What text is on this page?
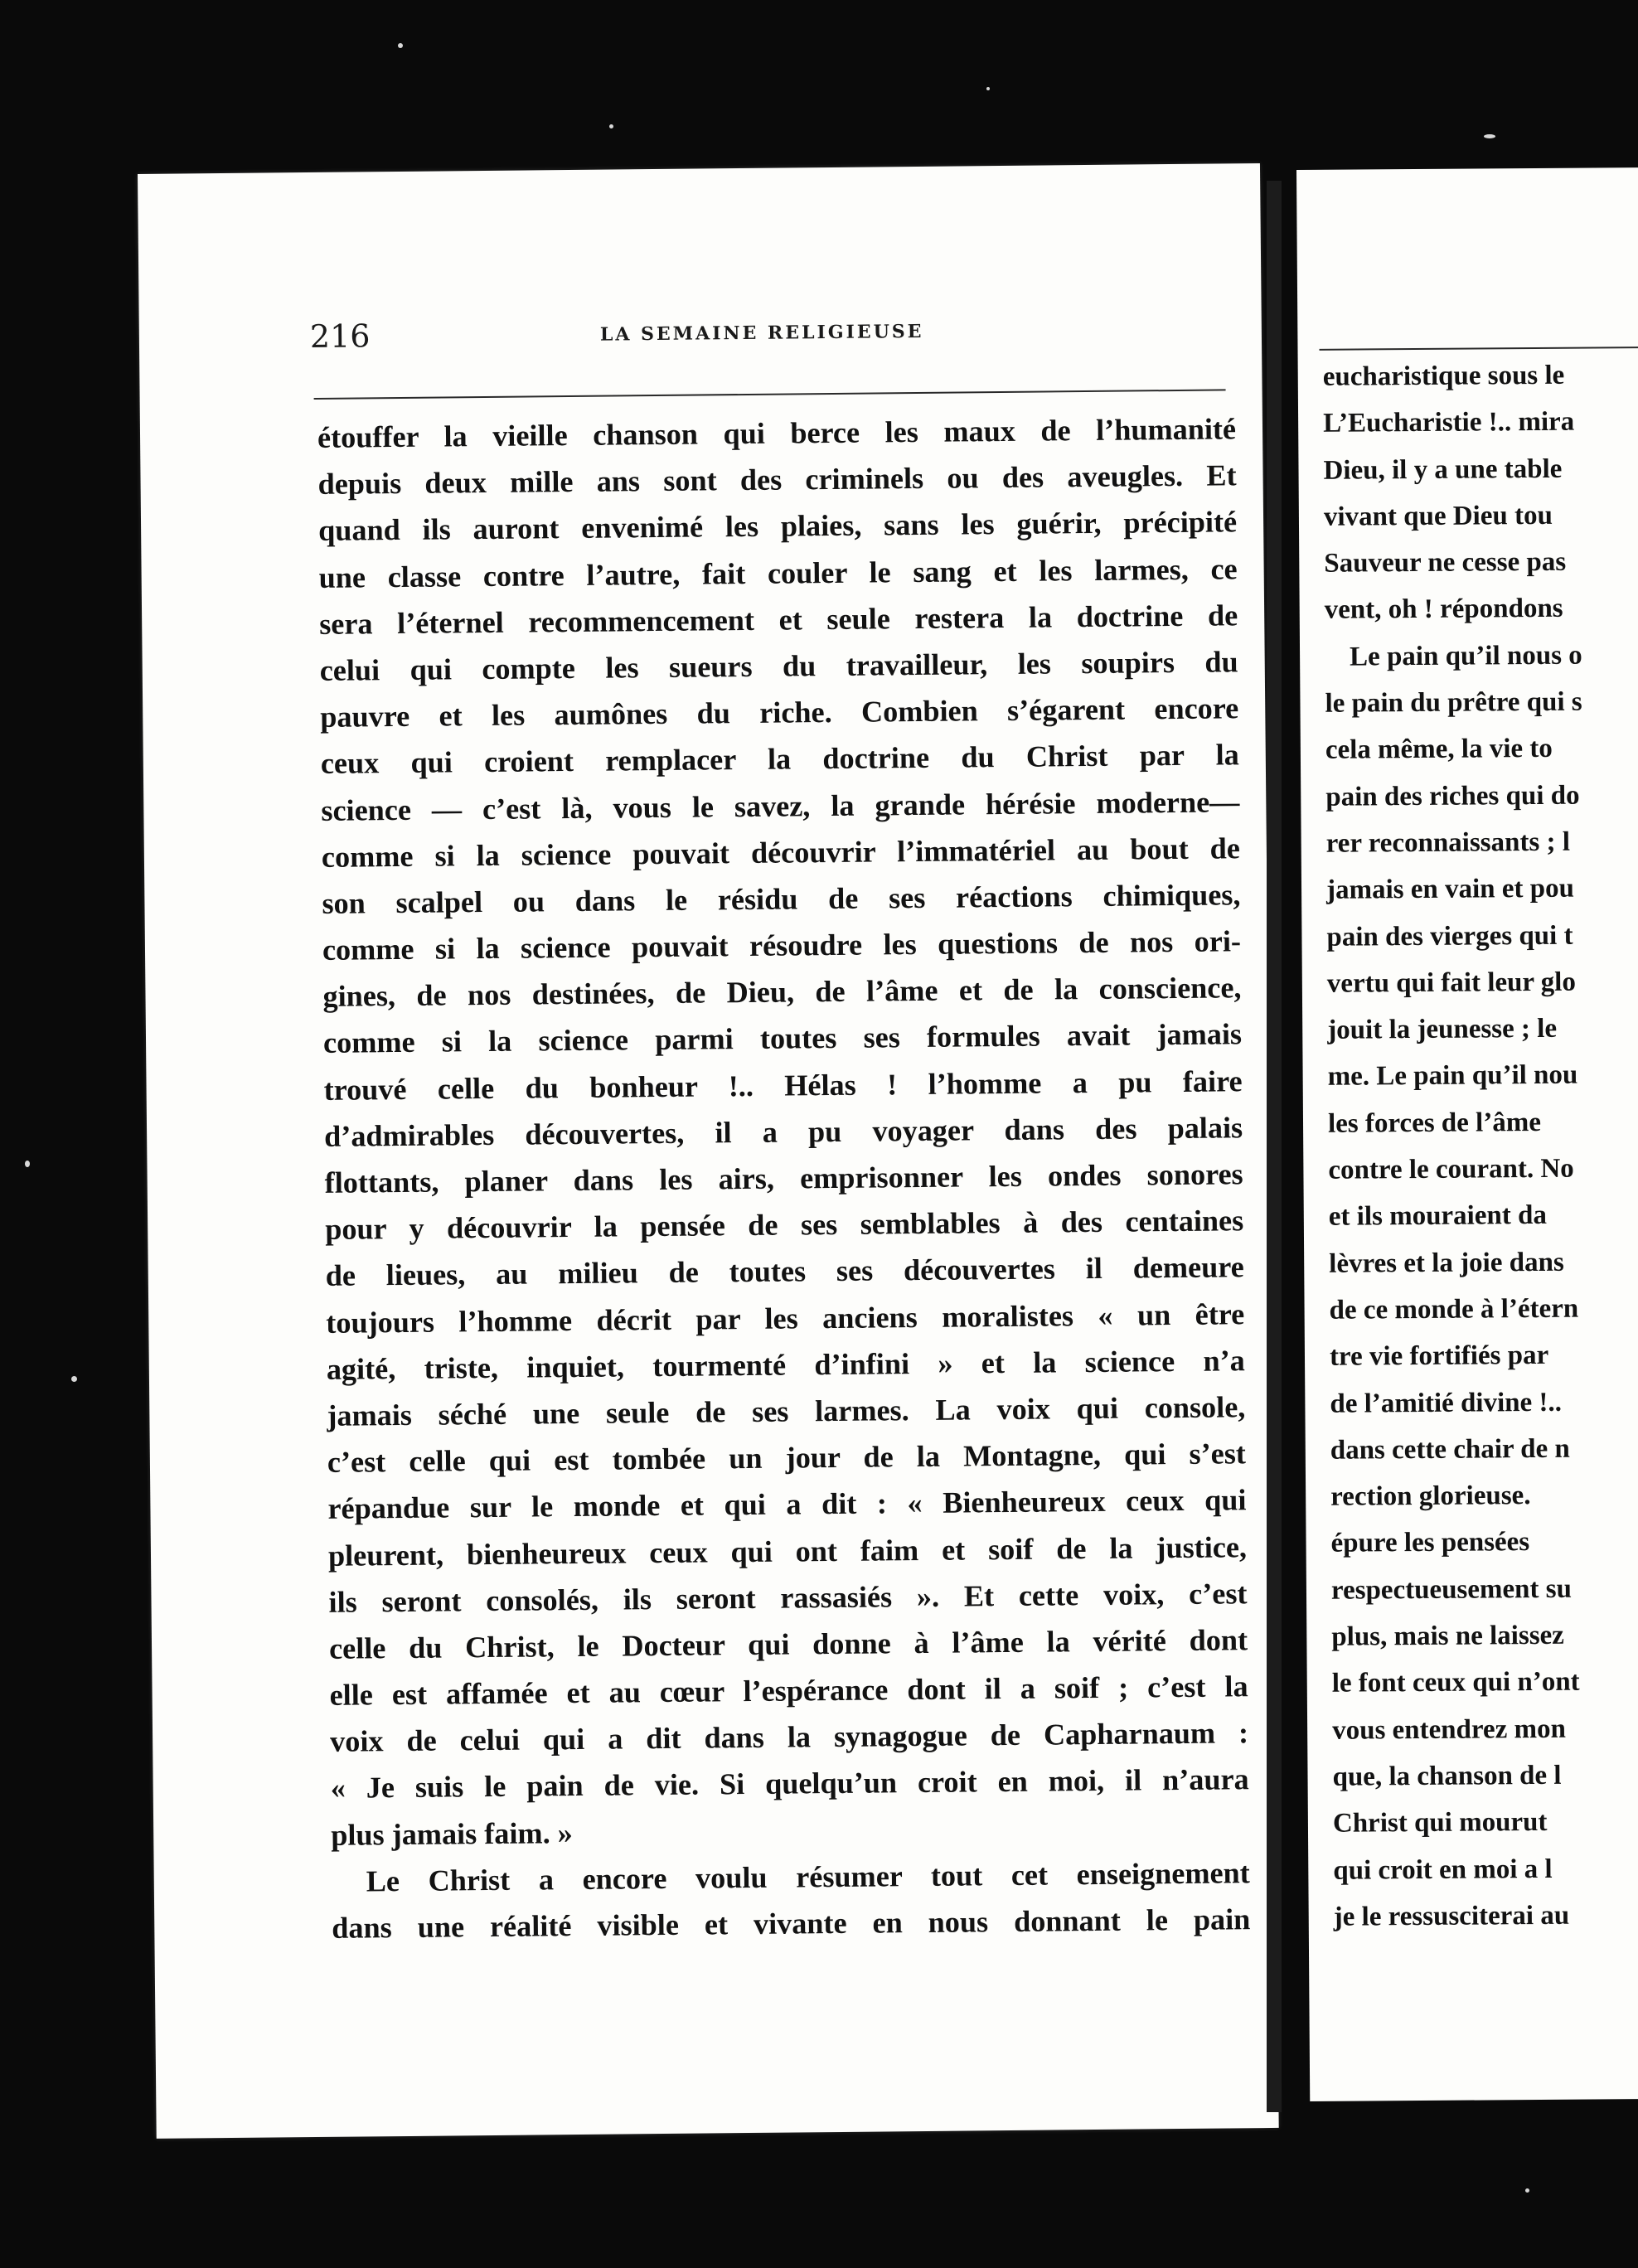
216	LA SEMAINE RELIGIEUSE
étouffer la vieille chanson qui berce les maux de l’humanité
depuis deux mille ans sont des criminels ou des aveugles. Et
quand ils auront envenimé les plaies, sans les guérir, précipité
une classe contre l’autre, fait couler le sang et les larmes, ce
sera l’éternel recommencement et seule restera la doctrine de
celui qui compte les sueurs du travailleur, les soupirs du
pauvre et les aumônes du riche. Combien s’égarent encore
ceux qui croient remplacer la doctrine du Christ par la
science — c’est là, vous le savez, la grande hérésie moderne—
comme si la science pouvait découvrir l’immatériel au bout de
son scalpel ou dans le résidu de ses réactions chimiques,
comme si la science pouvait résoudre les questions de nos ori-
gines, de nos destinées, de Dieu, de l’âme et de la conscience,
comme si la science parmi toutes ses formules avait jamais
trouvé celle du bonheur !.. Hélas ! l’homme a pu faire
d’admirables découvertes, il a pu voyager dans des palais
flottants, planer dans les airs, emprisonner les ondes sonores
pour y découvrir la pensée de ses semblables à des centaines
de lieues, au milieu de toutes ses découvertes il demeure
toujours l’homme décrit par les anciens moralistes « un être
agité, triste, inquiet, tourmenté d’infini » et la science n’a
jamais séché une seule de ses larmes. La voix qui console,
c’est celle qui est tombée un jour de la Montagne, qui s’est
répandue sur le monde et qui a dit : « Bienheureux ceux qui
pleurent, bienheureux ceux qui ont faim et soif de la justice,
ils seront consolés, ils seront rassasiés ». Et cette voix, c’est
celle du Christ, le Docteur qui donne à l’âme la vérité dont
elle est affamée et au cœur l’espérance dont il a soif ; c’est la
voix de celui qui a dit dans la synagogue de Capharnaum :
« Je suis le pain de vie. Si quelqu’un croit en moi, il n’aura
plus jamais faim. »
Le Christ a encore voulu résumer tout cet enseignement
dans une réalité visible et vivante en nous donnant le pain
eucharistique sous le
L’Eucharistie !.. mira
Dieu, il y a une table
vivant que Dieu tou
Sauveur ne cesse pas
vent, oh ! répondons
Le pain qu’il nous o
le pain du prêtre qui s
cela même, la vie to
pain des riches qui do
rer reconnaissants ; l
jamais en vain et pou
pain des vierges qui t
vertu qui fait leur glo
jouit la jeunesse ; le
me. Le pain qu’il nou
les forces de l’âme
contre le courant. No
et ils mouraient da
lèvres et la joie dans
de ce monde à l’étern
tre vie fortifiés par
de l’amitié divine !..
dans cette chair de n
rection glorieuse.
épure les pensées
respectueusement su
plus, mais ne laissez
le font ceux qui n’ont
vous entendrez mon
que, la chanson de l
Christ qui mourut
qui croit en moi a l
je le ressusciterai au
